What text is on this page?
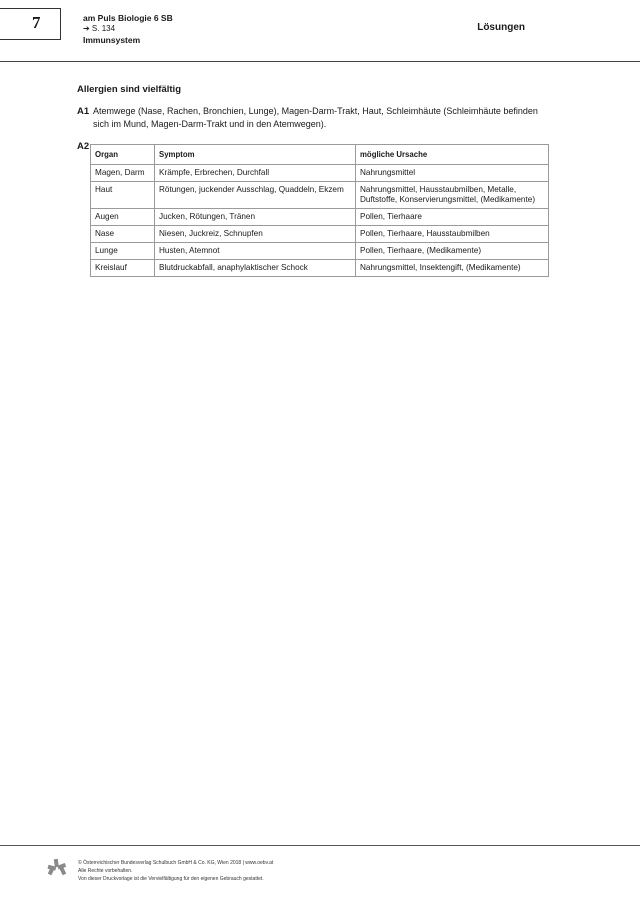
7	am Puls Biologie 6 SB
➔ S. 134
Immunsystem
Lösungen
Allergien sind vielfältig
A1 Atemwege (Nase, Rachen, Bronchien, Lunge), Magen-Darm-Trakt, Haut, Schleimhäute (Schleimhäute befinden sich im Mund, Magen-Darm-Trakt und in den Atemwegen).
A2
Organ	Symptom	mögliche Ursache
Magen, Darm	Krämpfe, Erbrechen, Durchfall	Nahrungsmittel
Haut	Rötungen, juckender Ausschlag, Quaddeln, Ekzem	Nahrungsmittel, Hausstaubmilben, Metalle, Duftstoffe, Konservierungsmittel, (Medikamente)
Augen	Jucken, Rötungen, Tränen	Pollen, Tierhaare
Nase	Niesen, Juckreiz, Schnupfen	Pollen, Tierhaare, Hausstaubmilben
Lunge	Husten, Atemnot	Pollen, Tierhaare, (Medikamente)
Kreislauf	Blutdruckabfall, anaphylaktischer Schock	Nahrungsmittel, Insektengift, (Medikamente)
© Österreichischer Bundesverlag Schulbuch GmbH & Co. KG, Wien 2018 | www.oebv.at
Alle Rechte vorbehalten.
Von dieser Druckvorlage ist die Vervielfältigung für den eigenen Gebrauch gestattet.
